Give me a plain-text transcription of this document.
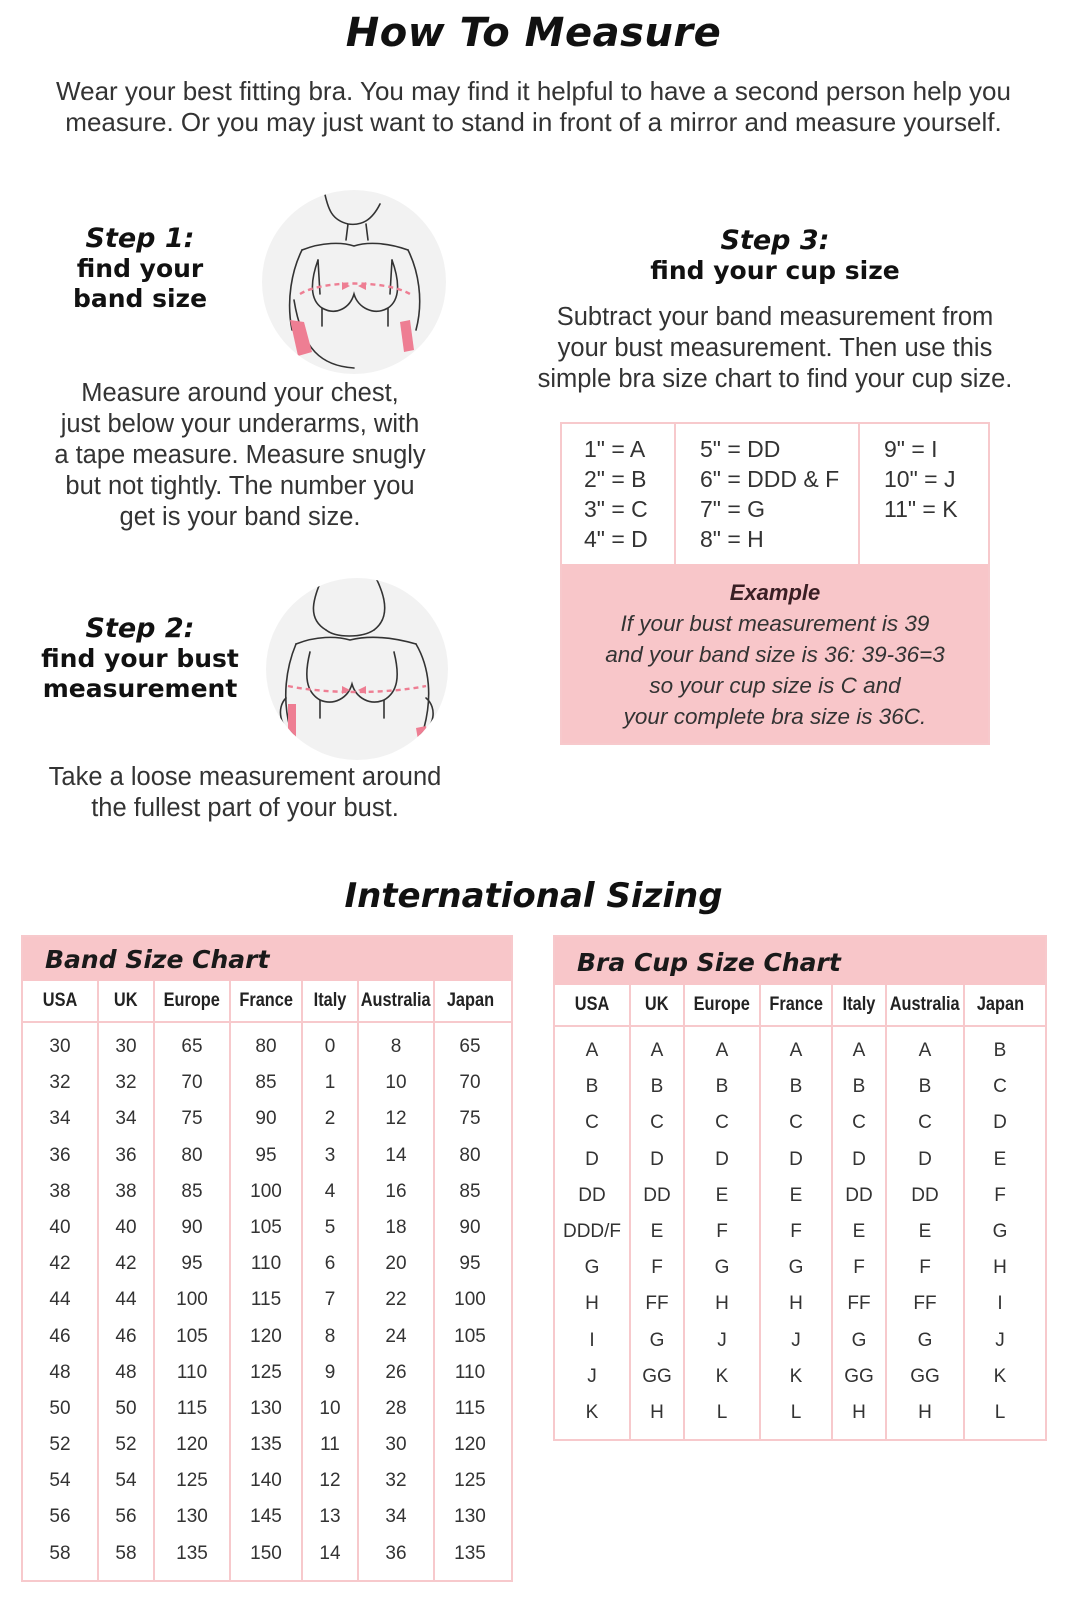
How To Measure
Wear your best fitting bra. You may find it helpful to have a second person help you
measure. Or you may just want to stand in front of a mirror and measure yourself.
Step 1:
find your
band size
Measure around your chest,
just below your underarms, with
a tape measure. Measure snugly
but not tightly. The number you
get is your band size.
Step 2:
find your bust
measurement
Take a loose measurement around
the fullest part of your bust.
Step 3:
find your cup size
Subtract your band measurement from
your bust measurement. Then use this
simple bra size chart to find your cup size.
1" = A
2" = B
3" = C
4" = D
5" = DD
6" = DDD & F
7" = G
8" = H
9" = I
10" = J
11" = K
Example
If your bust measurement is 39
and your band size is 36: 39-36=3
so your cup size is C and
your complete bra size is 36C.
International Sizing
Band Size Chart
USA UK Europe France Italy Australia Japan
30
32
34
36
38
40
42
44
46
48
50
52
54
56
58
30
32
34
36
38
40
42
44
46
48
50
52
54
56
58
65
70
75
80
85
90
95
100
105
110
115
120
125
130
135
80
85
90
95
100
105
110
115
120
125
130
135
140
145
150
0
1
2
3
4
5
6
7
8
9
10
11
12
13
14
8
10
12
14
16
18
20
22
24
26
28
30
32
34
36
65
70
75
80
85
90
95
100
105
110
115
120
125
130
135
Bra Cup Size Chart
USA UK Europe France Italy Australia Japan
A
B
C
D
DD
DDD/F
G
H
I
J
K
A
B
C
D
DD
E
F
FF
G
GG
H
A
B
C
D
E
F
G
H
J
K
L
A
B
C
D
E
F
G
H
J
K
L
A
B
C
D
DD
E
F
FF
G
GG
H
A
B
C
D
DD
E
F
FF
G
GG
H
B
C
D
E
F
G
H
I
J
K
L
